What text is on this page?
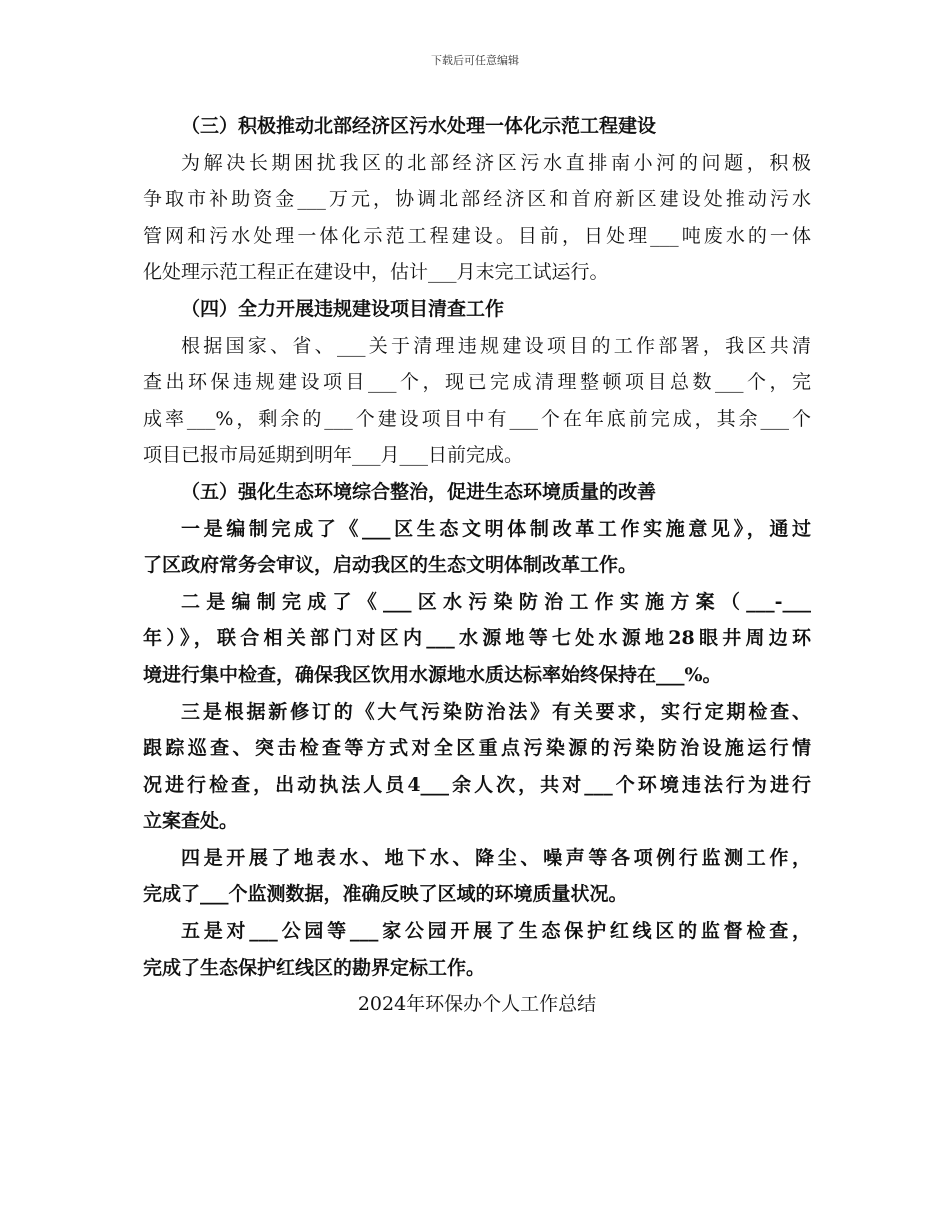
下载后可任意编辑
（三）积极推动北部经济区污水处理一体化示范工程建设
为解决长期困扰我区的北部经济区污水直排南小河的问题，积极
争取市补助资金___万元，协调北部经济区和首府新区建设处推动污水
管网和污水处理一体化示范工程建设。目前，日处理___吨废水的一体
化处理示范工程正在建设中，估计___月末完工试运行。
（四）全力开展违规建设项目清查工作
根据国家、省、___关于清理违规建设项目的工作部署，我区共清
查出环保违规建设项目___个，现已完成清理整顿项目总数___个，完
成率___%，剩余的___个建设项目中有___个在年底前完成，其余___个
项目已报市局延期到明年___月___日前完成。
（五）强化生态环境综合整治，促进生态环境质量的改善
一是编制完成了《___区生态文明体制改革工作实施意见》，通过
了区政府常务会审议，启动我区的生态文明体制改革工作。
二是编制完成了《___区水污染防治工作实施方案（___-___
年）》，联合相关部门对区内___水源地等七处水源地28眼井周边环
境进行集中检查，确保我区饮用水源地水质达标率始终保持在___%。
三是根据新修订的《大气污染防治法》有关要求，实行定期检查、
跟踪巡查、突击检查等方式对全区重点污染源的污染防治设施运行情
况进行检查，出动执法人员4___余人次，共对___个环境违法行为进行
立案查处。
四是开展了地表水、地下水、降尘、噪声等各项例行监测工作，
完成了___个监测数据，准确反映了区域的环境质量状况。
五是对___公园等___家公园开展了生态保护红线区的监督检查，
完成了生态保护红线区的勘界定标工作。
2024年环保办个人工作总结
